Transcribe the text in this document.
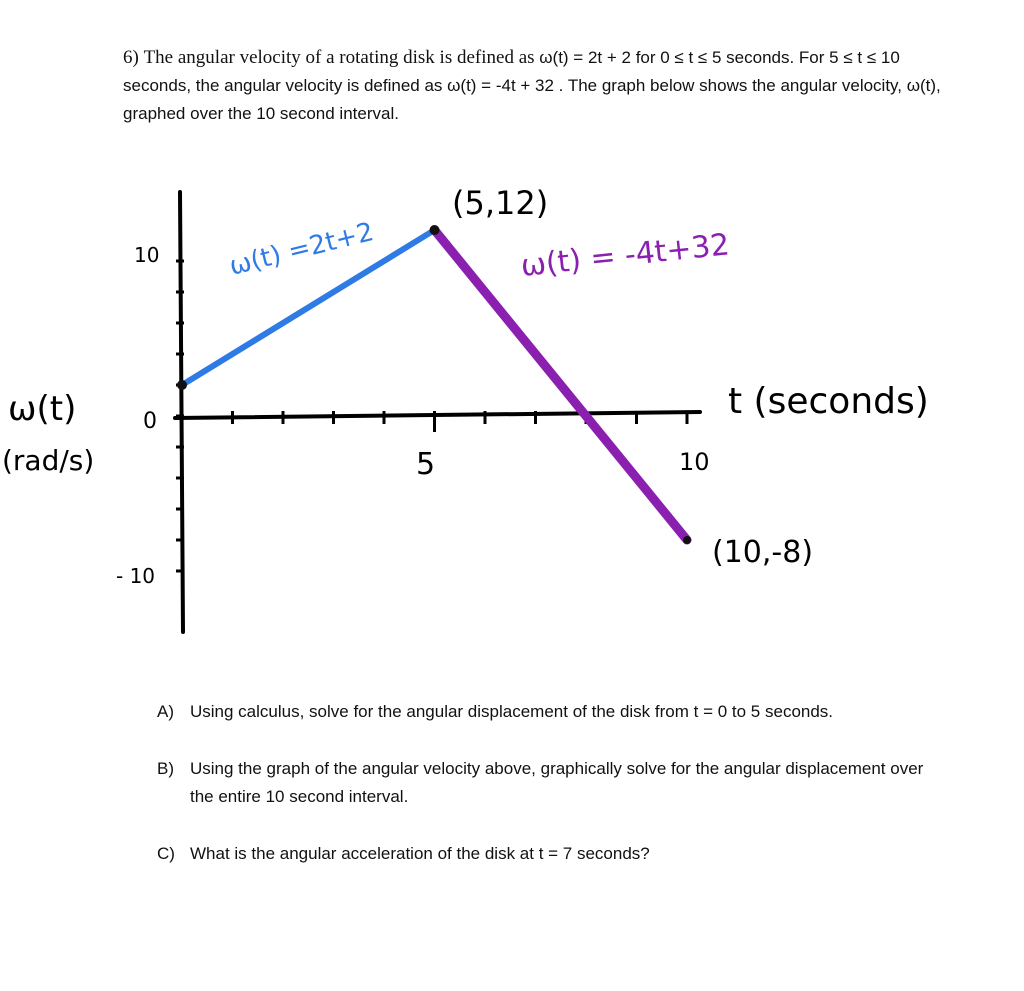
6) The angular velocity of a rotating disk is defined as ω(t) = 2t + 2 for 0 ≤ t ≤ 5 seconds. For 5 ≤ t ≤ 10 seconds, the angular velocity is defined as ω(t) = -4t + 32 . The graph below shows the angular velocity, ω(t), graphed over the 10 second interval.
ω(t)
(rad/s)
t (seconds)
10
0
- 10
5	10
ω(t) =2t+2	ω(t) = -4t+32
(5,12)
(10,-8)
A) Using calculus, solve for the angular displacement of the disk from t = 0 to 5 seconds.
B) Using the graph of the angular velocity above, graphically solve for the angular displacement over the entire 10 second interval.
C) What is the angular acceleration of the disk at t = 7 seconds?
